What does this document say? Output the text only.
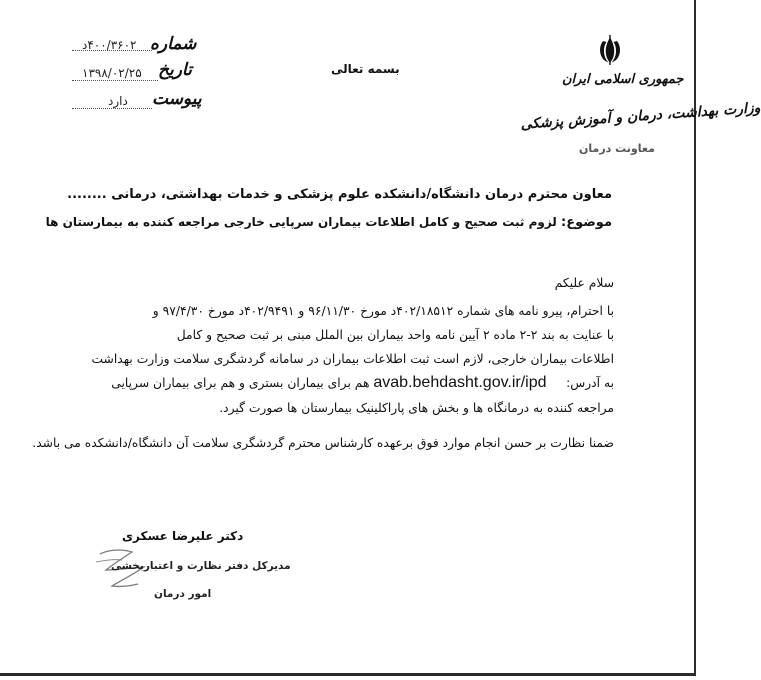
شماره
۴۰۰/۳۶۰۲د
تاریخ
۱۳۹۸/۰۲/۲۵
پیوست
دارد
بسمه تعالی
جمهوری اسلامی ایران
وزارت بهداشت، درمان و آموزش پزشکی
معاونت درمان
معاون محترم درمان دانشگاه/دانشکده علوم پزشکی و خدمات بهداشتی، درمانی ........
موضوع: لزوم ثبت صحیح و کامل اطلاعات بیماران سرپایی خارجی مراجعه کننده به بیمارستان ها
سلام علیکم
با احترام، پیرو نامه های شماره ۴۰۲/۱۸۵۱۲د مورخ ۹۶/۱۱/۳۰ و ۴۰۲/۹۴۹۱د مورخ ۹۷/۴/۳۰ و
با عنایت به بند ۲-۲ ماده ۲ آیین نامه واحد بیماران بین الملل مبنی بر ثبت صحیح و کامل
اطلاعات بیماران خارجی، لازم است ثبت اطلاعات بیماران در سامانه گردشگری سلامت وزارت بهداشت
به آدرس:     avab.behdasht.gov.ir/ipd هم برای بیماران بستری و هم برای بیماران سرپایی
مراجعه کننده به درمانگاه ها و بخش های پاراکلینیک بیمارستان ها صورت گیرد.
ضمنا نظارت بر حسن انجام موارد فوق برعهده کارشناس محترم گردشگری سلامت آن دانشگاه/دانشکده می باشد.
دکتر علیرضا عسکری
مدیرکل دفتر نظارت و اعتباربخشی
امور درمان
